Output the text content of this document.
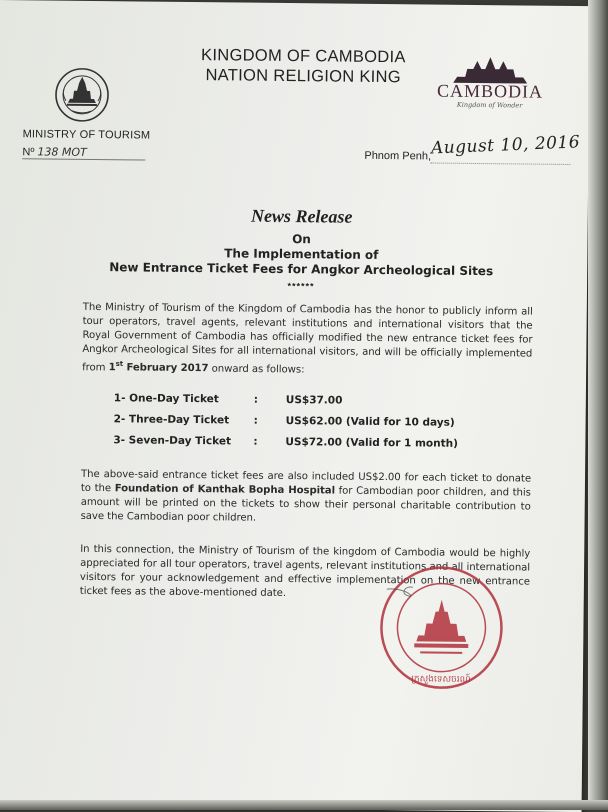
KINGDOM OF CAMBODIA
NATION RELIGION KING
CAMBODIA
Kingdom of Wonder
MINISTRY OF TOURISM
Nº 138 MOT	Phnom Penh, August 10, 2016
News Release
On
The Implementation of
New Entrance Ticket Fees for Angkor Archeological Sites
******
The Ministry of Tourism of the Kingdom of Cambodia has the honor to publicly inform all tour operators, travel agents, relevant institutions and international visitors that the Royal Government of Cambodia has officially modified the new entrance ticket fees for Angkor Archeological Sites for all international visitors, and will be officially implemented from 1st February 2017 onward as follows:
1- One-Day Ticket	:	US$37.00
2- Three-Day Ticket	:	US$62.00 (Valid for 10 days)
3- Seven-Day Ticket	:	US$72.00 (Valid for 1 month)
The above-said entrance ticket fees are also included US$2.00 for each ticket to donate to the Foundation of Kanthak Bopha Hospital for Cambodian poor children, and this amount will be printed on the tickets to show their personal charitable contribution to save the Cambodian poor children.
In this connection, the Ministry of Tourism of the kingdom of Cambodia would be highly appreciated for all tour operators, travel agents, relevant institutions and all international visitors for your acknowledgement and effective implementation on the new entrance ticket fees as the above-mentioned date.
ក្រសួងទេសចរណ៍
